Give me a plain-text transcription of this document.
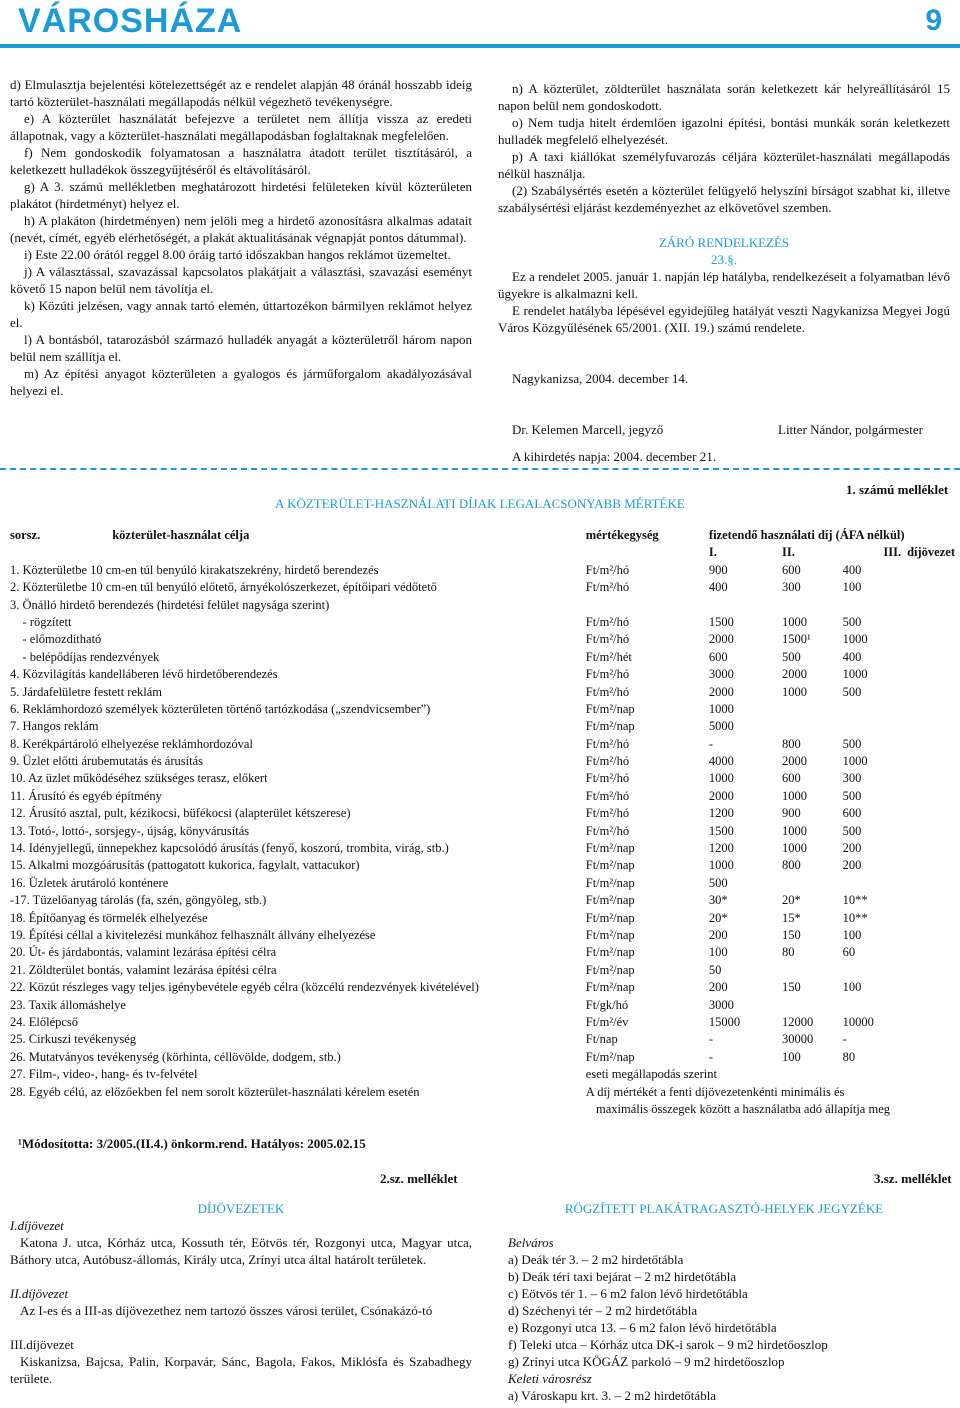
VÁROSHÁZA	9

d) Elmulasztja bejelentési kötelezettségét az e rendelet alapján 48 óránál hosszabb ideig tartó közterület-használati megállapodás nélkül végezhető tevékenységre.

e) A közterület használatát befejezve a területet nem állítja vissza az eredeti állapotnak, vagy a közterület-használati megállapodásban foglaltaknak megfelelően.

f) Nem gondoskodik folyamatosan a használatra átadott terület tisztításáról, a keletkezett hulladékok összegyűjtéséről és eltávolításáról.

g) A 3. számú mellékletben meghatározott hirdetési felületeken kívül közterületen plakátot (hirdetményt) helyez el.

h) A plakáton (hirdetményen) nem jelöli meg a hirdető azonosításra alkalmas adatait (nevét, címét, egyéb elérhetőségét, a plakát aktualitásának végnapját pontos dátummal).

i) Este 22.00 órától reggel 8.00 óráig tartó időszakban hangos reklámot üzemeltet.

j) A választással, szavazással kapcsolatos plakátjait a választási, szavazási eseményt követő 15 napon belül nem távolítja el.

k) Közúti jelzésen, vagy annak tartó elemén, úttartozékon bármilyen reklámot helyez el.

l) A bontásból, tatarozásból származó hulladék anyagát a közterületről három napon belül nem szállítja el.

m) Az építési anyagot közterületen a gyalogos és járműforgalom akadályozásával helyezi el.

n) A közterület, zöldterület használata során keletkezett kár helyreállításáról 15 napon belül nem gondoskodott.

o) Nem tudja hitelt érdemlően igazolni építési, bontási munkák során keletkezett hulladék megfelelő elhelyezését.

p) A taxi kiállókat személyfuvarozás céljára közterület-használati megállapodás nélkül használja.

(2) Szabálysértés esetén a közterület felügyelő helyszíni bírságot szabhat ki, illetve szabálysértési eljárást kezdeményezhet az elkövetővel szemben.

ZÁRÓ RENDELKEZÉS

23.§.

Ez a rendelet 2005. január 1. napján lép hatályba, rendelkezéseit a folyamatban lévő ügyekre is alkalmazni kell.

E rendelet hatályba lépésével egyidejűleg hatályát veszti Nagykanizsa Megyei Jogú Város Közgyűlésének 65/2001. (XII. 19.) számú rendelete.

Nagykanizsa, 2004. december 14.

Dr. Kelemen Marcell, jegyző	Litter Nándor, polgármester

A kihirdetés napja: 2004. december 21.

1. számú melléklet
A KÖZTERÜLET-HASZNÁLATI DÍJAK LEGALACSONYABB MÉRTÉKE
sorsz. közterület-használat célja	mértékegység	fizetendő használati díj (ÁFA nélkül)			
		I.	II.	III.	díjövezet
1. Közterületbe 10 cm-en túl benyúló kirakatszekrény, hirdető berendezés	Ft/m²/hó	900	600	400	
2. Közterületbe 10 cm-en túl benyúló előtető, árnyékolószerkezet, építőipari védőtető	Ft/m²/hó	400	300	100	
3. Önálló hirdető berendezés (hirdetési felület nagysága szerint)					
- rögzített	Ft/m²/hó	1500	1000	500	
- előmozdítható	Ft/m²/hó	2000	1500¹	1000	
- belépődíjas rendezvények	Ft/m²/hét	600	500	400	
4. Közvilágítás kandelláberen lévő hirdetőberendezés	Ft/m²/hó	3000	2000	1000	
5. Járdafelületre festett reklám	Ft/m²/hó	2000	1000	500	
6. Reklámhordozó személyek közterületen történő tartózkodása („szendvicsember”)	Ft/m²/nap	1000			
7. Hangos reklám	Ft/m²/nap	5000			
8. Kerékpártároló elhelyezése reklámhordozóval	Ft/m²/hó	-	800	500	
9. Üzlet előtti árubemutatás és árusítás	Ft/m²/hó	4000	2000	1000	
10. Az üzlet működéséhez szükséges terasz, előkert	Ft/m²/hó	1000	600	300	
11. Árusító és egyéb építmény	Ft/m²/hó	2000	1000	500	
12. Árusító asztal, pult, kézikocsi, büfékocsi (alapterület kétszerese)	Ft/m²/hó	1200	900	600	
13. Totó-, lottó-, sorsjegy-, újság, könyvárusítás	Ft/m²/hó	1500	1000	500	
14. Idényjellegű, ünnepekhez kapcsolódó árusítás (fenyő, koszorú, trombita, virág, stb.)	Ft/m²/nap	1200	1000	200	
15. Alkalmi mozgóárusítás (pattogatott kukorica, fagylalt, vattacukor)	Ft/m²/nap	1000	800	200	
16. Üzletek árutároló konténere	Ft/m²/nap	500			
-17. Tüzelőanyag tárolás (fa, szén, göngyöleg, stb.)	Ft/m²/nap	30*	20*	10**	
18. Építőanyag és törmelék elhelyezése	Ft/m²/nap	20*	15*	10**	
19. Építési céllal a kivitelezési munkához felhasznált állvány elhelyezése	Ft/m²/nap	200	150	100	
20. Út- és járdabontás, valamint lezárása építési célra	Ft/m²/nap	100	80	60	
21. Zöldterület bontás, valamint lezárása építési célra	Ft/m²/nap	50			
22. Közút részleges vagy teljes igénybevétele egyéb célra (közcélú rendezvények kivételével)	Ft/m²/nap	200	150	100	
23. Taxik állomáshelye	Ft/gk/hó	3000			
24. Előlépcső	Ft/m²/év	15000	12000	10000	
25. Cirkuszi tevékenység	Ft/nap	-	30000	-	
26. Mutatványos tevékenység (körhinta, céllövölde, dodgem, stb.)	Ft/m²/nap	-	100	80	
27. Film-, video-, hang- és tv-felvétel	eseti megállapodás szerint				
28. Egyéb célú, az előzőekben fel nem sorolt közterület-használati kérelem esetén	A díj mértékét a fenti díjövezetenkénti minimális és				
maximális összegek között a használatba adó állapítja meg
¹Módosította: 3/2005.(II.4.) önkorm.rend. Hatályos: 2005.02.15
2.sz. melléklet	3.sz. melléklet
DÍJÖVEZETEK
I.díjövezet
Katona J. utca, Kórház utca, Kossuth tér, Eötvös tér, Rozgonyi utca, Magyar utca, Báthory utca, Autóbusz-állomás, Király utca, Zrínyi utca által határolt területek.
II.díjövezet
Az I-es és a III-as díjövezethez nem tartozó összes városi terület, Csónakázó-tó
III.díjövezet
Kiskanizsa, Bajcsa, Palin, Korpavár, Sánc, Bagola, Fakos, Miklósfa és Szabadhegy területe.
RÖGZÍTETT PLAKÁTRAGASZTÓ-HELYEK JEGYZÉKE
Belváros
a) Deák tér 3. – 2 m2 hirdetőtábla
b) Deák téri taxi bejárat – 2 m2 hirdetőtábla
c) Eötvös tér 1. – 6 m2 falon lévő hirdetőtábla
d) Széchenyi tér – 2 m2 hirdetőtábla
e) Rozgonyi utca 13. – 6 m2 falon lévő hirdetőtábla
f) Teleki utca – Kórház utca DK-i sarok – 9 m2 hirdetőoszlop
g) Zrínyi utca KÖGÁZ parkoló – 9 m2 hirdetőoszlop
Keleti városrész
a) Városkapu krt. 3. – 2 m2 hirdetőtábla
